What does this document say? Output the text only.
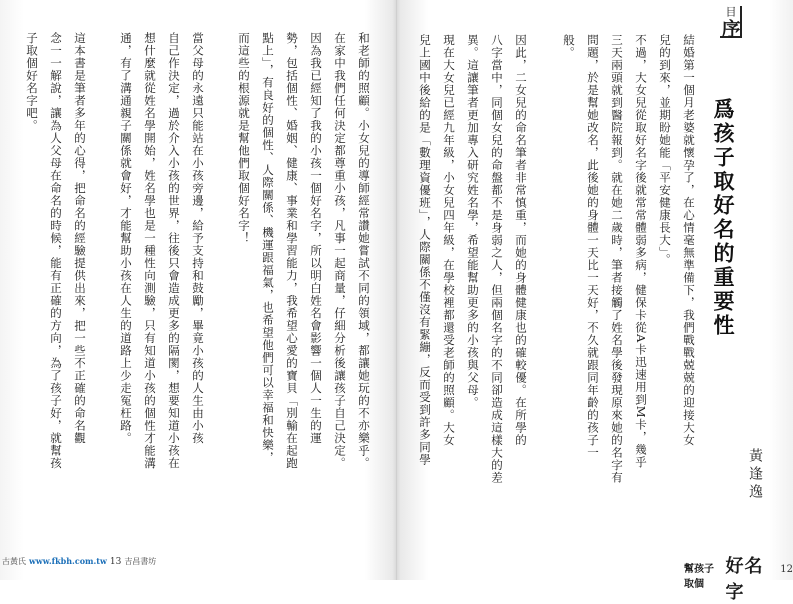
目
序
爲孩子取好名的重要性
黃逢逸
結婚第一個月老婆就懷孕了，在心情毫無準備下，我們戰戰兢兢的迎接大女
兒的到來，並期盼她能「平安健康長大」。
不過，大女兒從取好名字後就常常體弱多病，健保卡從A卡迅速用到M卡，幾乎
三天兩頭就到醫院報到。就在她二歲時，筆者接觸了姓名學後發現原來她的名字有
問題，於是幫她改名，此後她的身體一天比一天好，不久就跟同年齡的孩子一
般。
因此，二女兒的命名筆者非常慎重，而她的身體健康也的確較優。在所學的
八字當中，同個女兒的命盤都不是身弱之人，但兩個名字的不同卻造成這樣大的差
異。這讓筆者更加專入研究姓名學，希望能幫助更多的小孩與父母。
現在大女兒已經九年級，小女兒四年級，在學校裡都還受老師的照顧。大女
兒上國中後給的是「數理資優班」，人際關係不僅沒有緊繃，反而受到許多同學
幫孩子取個
好名字
12
和老師的照顧。小女兒的導師經常讚她嘗試不同的領域，都讓她玩的不亦樂乎。
在家中我們任何決定都尊重小孩，凡事一起商量，仔細分析後讓孩子自己決定。
因為我已經知了我的小孩一個好名字，所以明白姓名會影響一個人一生的運
勢，包括個性、婚姻、健康、事業和學習能力，我希望心愛的寶貝「別輸在起跑
點上」，有良好的個性、人際關係、機運跟福氣，也希望他們可以幸福和快樂，
而這些的根源就是幫他們取個好名字！
當父母的永遠只能站在小孩旁邊，給予支持和鼓勵，畢竟小孩的人生由小孩
自己作決定，過於介入小孩的世界，往後只會造成更多的隔閡，想要知道小孩在
想什麼就從姓名學開始，姓名學也是一種性向測驗，只有知道小孩的個性才能溝
通，有了溝通親子關係就會好，才能幫助小孩在人生的道路上少走冤枉路。
這本書是筆者多年的心得，把命名的經驗提供出來，把一些不正確的命名觀
念一一解說，讓為人父母在命名的時候，能有正確的方向，為了孩子好，就幫孩
子取個好名字吧。
古黃氏 www.fkbh.com.tw 13 吉昌書坊
